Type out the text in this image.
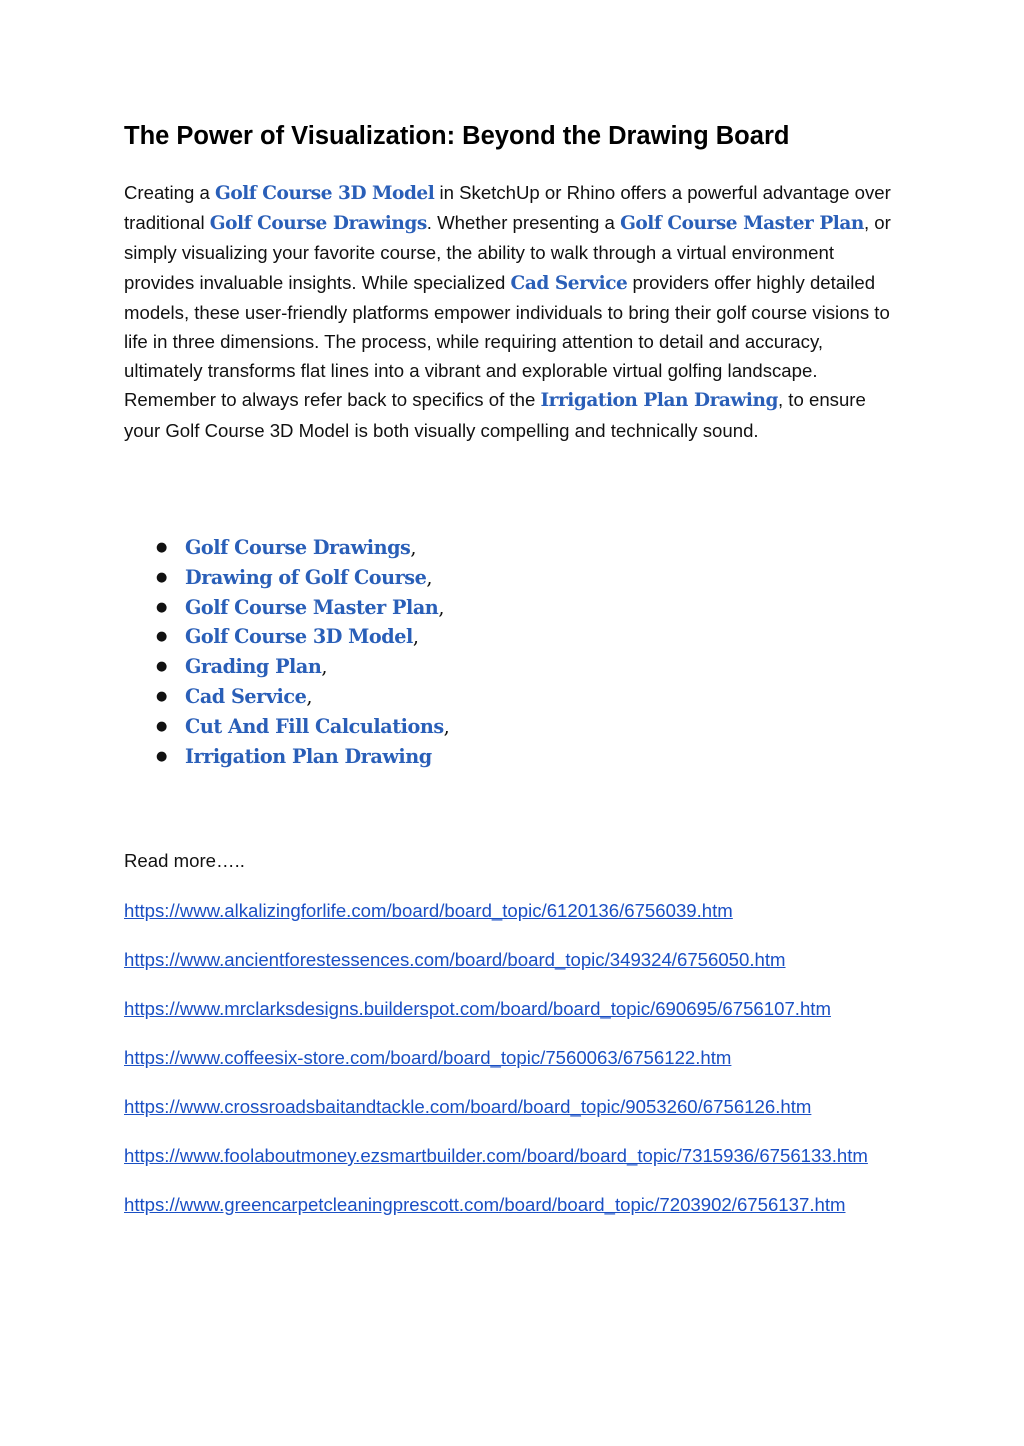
The Power of Visualization: Beyond the Drawing Board

Creating a Golf Course 3D Model in SketchUp or Rhino offers a powerful advantage over traditional Golf Course Drawings. Whether presenting a Golf Course Master Plan, or simply visualizing your favorite course, the ability to walk through a virtual environment provides invaluable insights. While specialized Cad Service providers offer highly detailed models, these user-friendly platforms empower individuals to bring their golf course visions to life in three dimensions. The process, while requiring attention to detail and accuracy, ultimately transforms flat lines into a vibrant and explorable virtual golfing landscape. Remember to always refer back to specifics of the Irrigation Plan Drawing, to ensure your Golf Course 3D Model is both visually compelling and technically sound.

● Golf Course Drawings,
● Drawing of Golf Course,
● Golf Course Master Plan,
● Golf Course 3D Model,
● Grading Plan,
● Cad Service,
● Cut And Fill Calculations,
● Irrigation Plan Drawing

Read more…..

https://www.alkalizingforlife.com/board/board_topic/6120136/6756039.htm
https://www.ancientforestessences.com/board/board_topic/349324/6756050.htm
https://www.mrclarksdesigns.builderspot.com/board/board_topic/690695/6756107.htm
https://www.coffeesix-store.com/board/board_topic/7560063/6756122.htm
https://www.crossroadsbaitandtackle.com/board/board_topic/9053260/6756126.htm
https://www.foolaboutmoney.ezsmartbuilder.com/board/board_topic/7315936/6756133.htm
https://www.greencarpetcleaningprescott.com/board/board_topic/7203902/6756137.htm
